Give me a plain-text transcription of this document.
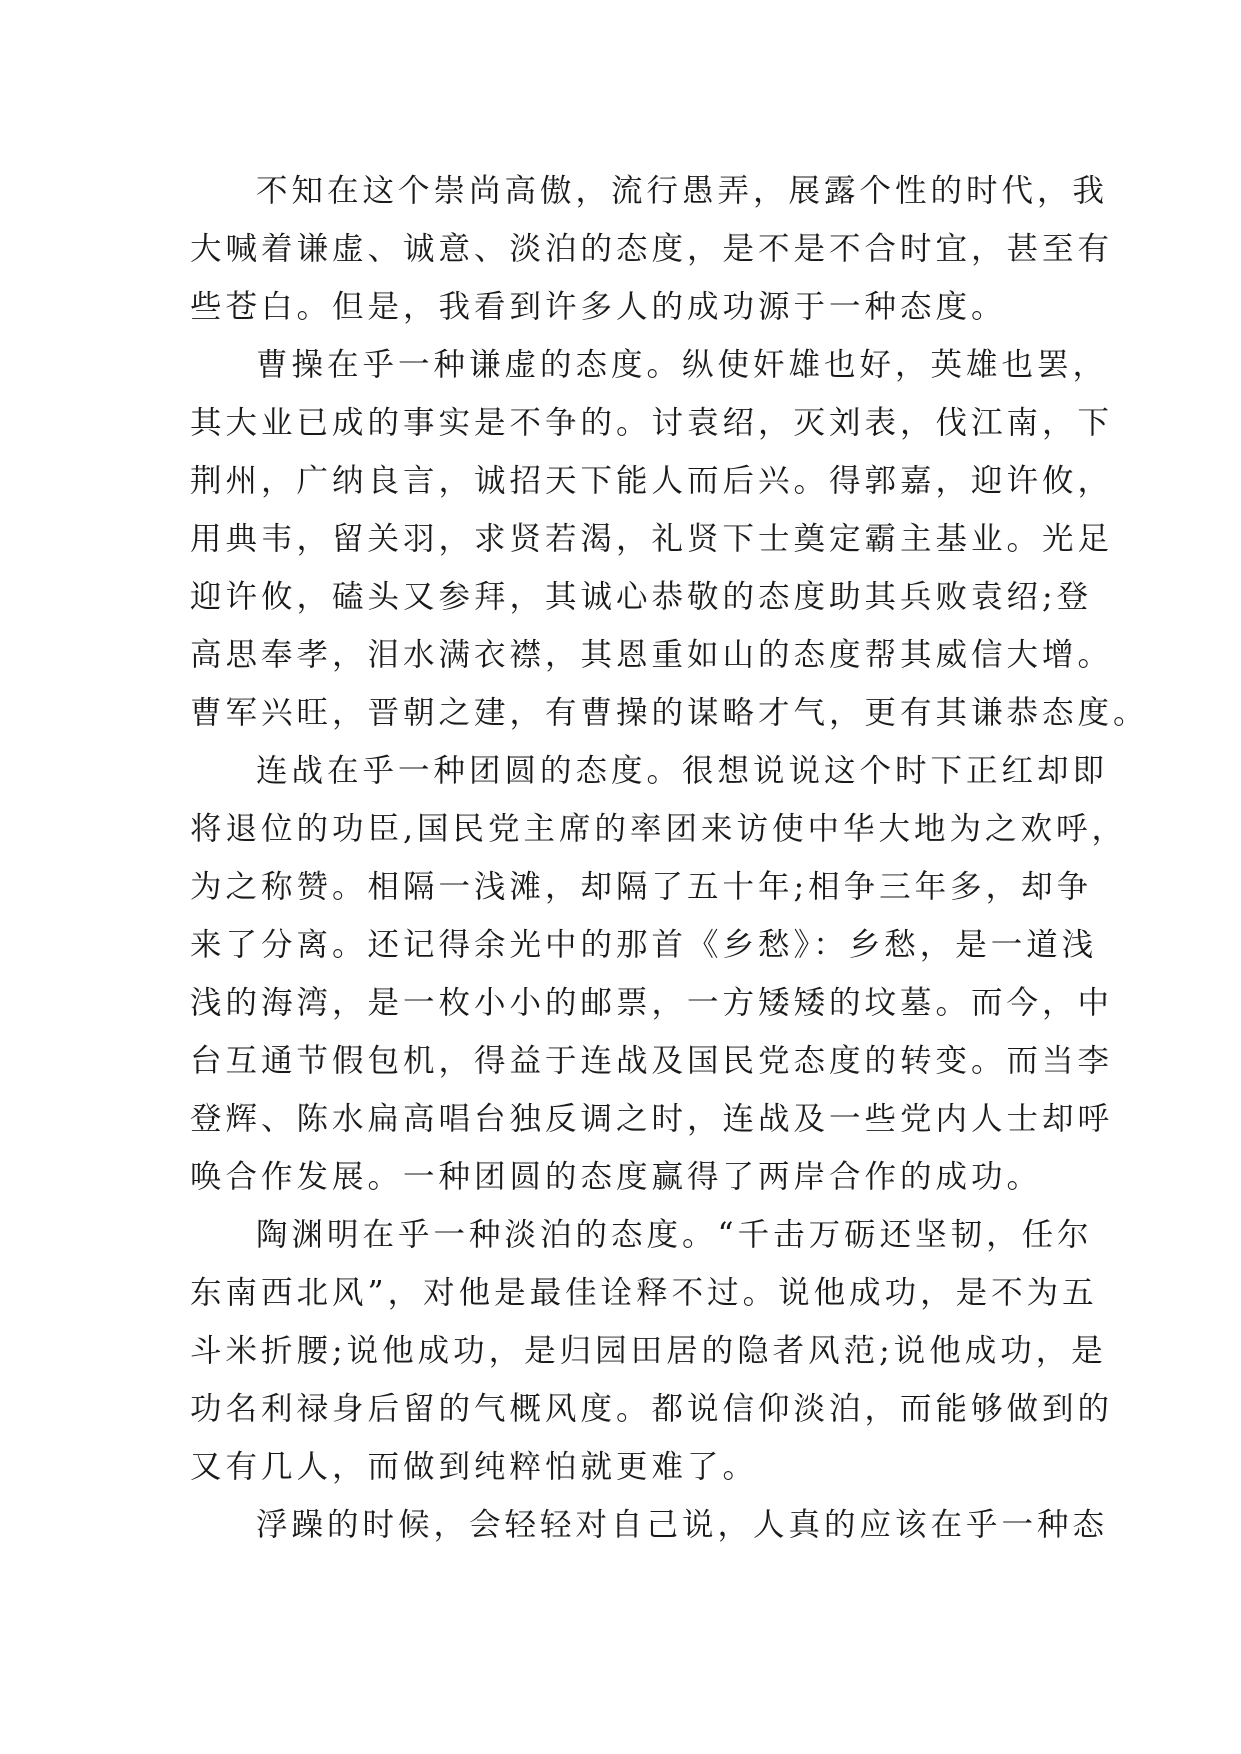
不知在这个崇尚高傲，流行愚弄，展露个性的时代，我
大喊着谦虚、诚意、淡泊的态度，是不是不合时宜，甚至有
些苍白。但是，我看到许多人的成功源于一种态度。
曹操在乎一种谦虚的态度。纵使奸雄也好，英雄也罢，
其大业已成的事实是不争的。讨袁绍，灭刘表，伐江南，下
荆州，广纳良言，诚招天下能人而后兴。得郭嘉，迎许攸，
用典韦，留关羽，求贤若渴，礼贤下士奠定霸主基业。光足
迎许攸，磕头又参拜，其诚心恭敬的态度助其兵败袁绍;登
高思奉孝，泪水满衣襟，其恩重如山的态度帮其威信大增。
曹军兴旺，晋朝之建，有曹操的谋略才气，更有其谦恭态度。
连战在乎一种团圆的态度。很想说说这个时下正红却即
将退位的功臣,国民党主席的率团来访使中华大地为之欢呼，
为之称赞。相隔一浅滩，却隔了五十年;相争三年多，却争
来了分离。还记得余光中的那首《乡愁》：乡愁，是一道浅
浅的海湾，是一枚小小的邮票，一方矮矮的坟墓。而今，中
台互通节假包机，得益于连战及国民党态度的转变。而当李
登辉、陈水扁高唱台独反调之时，连战及一些党内人士却呼
唤合作发展。一种团圆的态度赢得了两岸合作的成功。
陶渊明在乎一种淡泊的态度。“千击万砺还坚韧，任尔
东南西北风”，对他是最佳诠释不过。说他成功，是不为五
斗米折腰;说他成功，是归园田居的隐者风范;说他成功，是
功名利禄身后留的气概风度。都说信仰淡泊，而能够做到的
又有几人，而做到纯粹怕就更难了。
浮躁的时候，会轻轻对自己说，人真的应该在乎一种态
